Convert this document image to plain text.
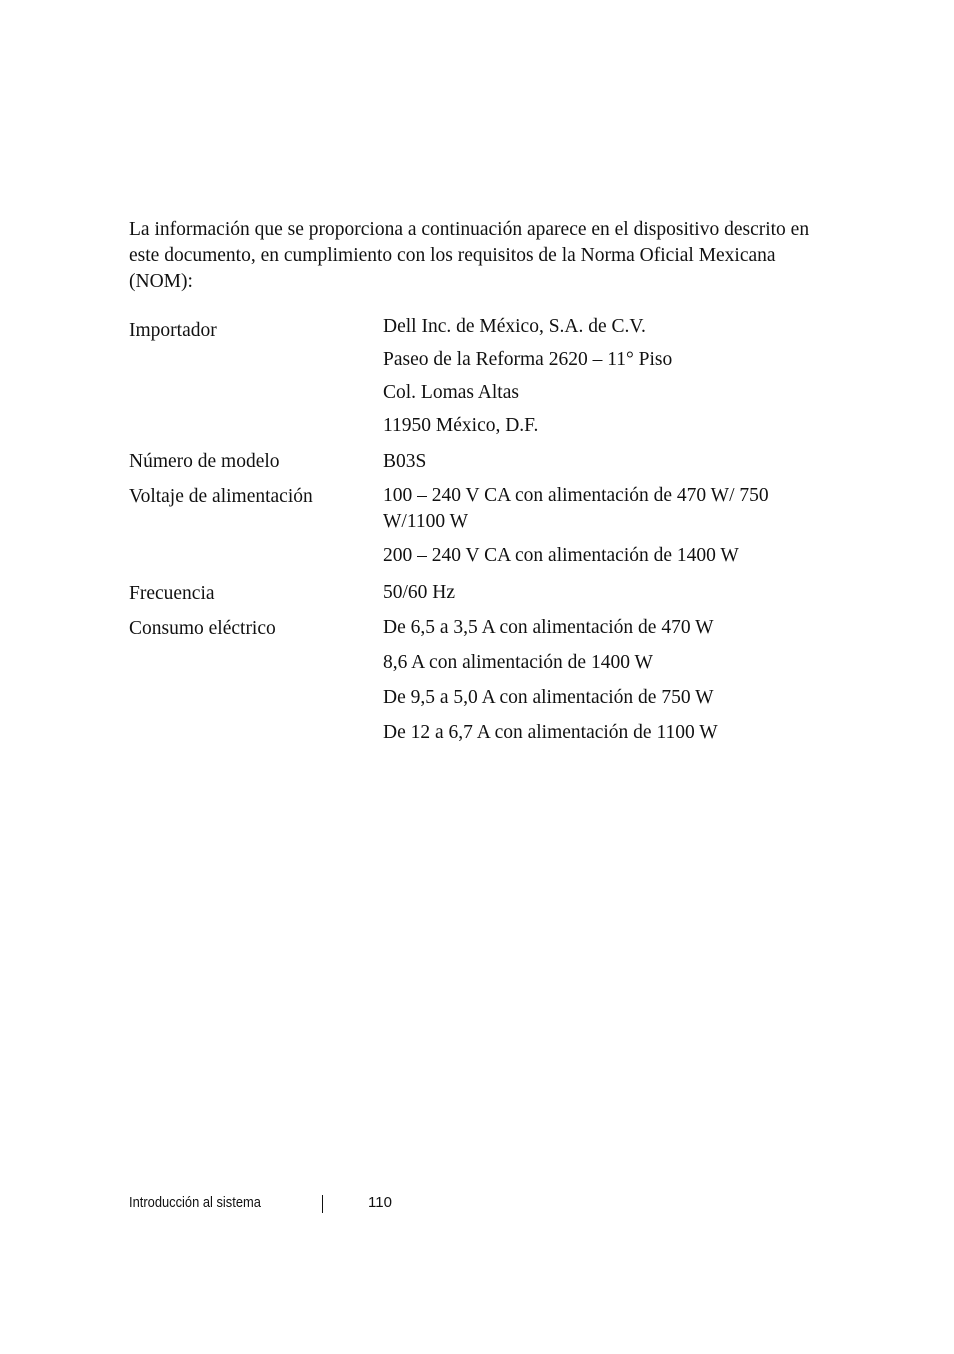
La información que se proporciona a continuación aparece en el dispositivo descrito en este documento, en cumplimiento con los requisitos de la Norma Oficial Mexicana (NOM):

Importador	Dell Inc. de México, S.A. de C.V.
Paseo de la Reforma 2620 – 11° Piso
Col. Lomas Altas
11950 México, D.F.
Número de modelo	B03S
Voltaje de alimentación	100 – 240 V CA con alimentación de 470 W/ 750 W/1100 W
200 – 240 V CA con alimentación de 1400 W
Frecuencia	50/60 Hz
Consumo eléctrico	De 6,5 a 3,5 A con alimentación de 470 W
8,6 A con alimentación de 1400 W
De 9,5 a 5,0 A con alimentación de 750 W
De 12 a 6,7 A con alimentación de 1100 W
Introducción al sistema	110
